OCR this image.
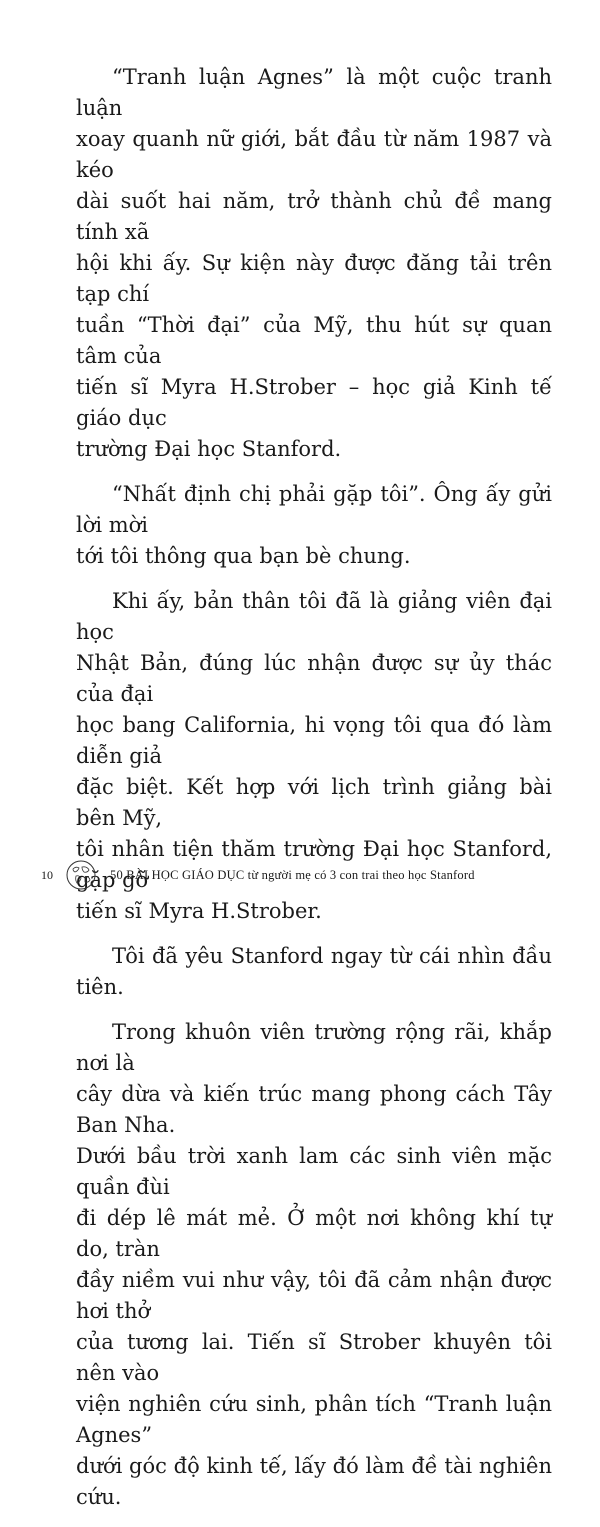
“Tranh luận Agnes” là một cuộc tranh luận
xoay quanh nữ giới, bắt đầu từ năm 1987 và kéo
dài suốt hai năm, trở thành chủ đề mang tính xã
hội khi ấy. Sự kiện này được đăng tải trên tạp chí
tuần “Thời đại” của Mỹ, thu hút sự quan tâm của
tiến sĩ Myra H.Strober – học giả Kinh tế giáo dục
trường Đại học Stanford.

“Nhất định chị phải gặp tôi”. Ông ấy gửi lời mời
tới tôi thông qua bạn bè chung.

Khi ấy, bản thân tôi đã là giảng viên đại học
Nhật Bản, đúng lúc nhận được sự ủy thác của đại
học bang California, hi vọng tôi qua đó làm diễn giả
đặc biệt. Kết hợp với lịch trình giảng bài bên Mỹ,
tôi nhân tiện thăm trường Đại học Stanford, gặp gỡ
tiến sĩ Myra H.Strober.

Tôi đã yêu Stanford ngay từ cái nhìn đầu tiên.

Trong khuôn viên trường rộng rãi, khắp nơi là
cây dừa và kiến trúc mang phong cách Tây Ban Nha.
Dưới bầu trời xanh lam các sinh viên mặc quần đùi
đi dép lê mát mẻ. Ở một nơi không khí tự do, tràn
đầy niềm vui như vậy, tôi đã cảm nhận được hơi thở
của tương lai. Tiến sĩ Strober khuyên tôi nên vào
viện nghiên cứu sinh, phân tích “Tranh luận Agnes”
dưới góc độ kinh tế, lấy đó làm đề tài nghiên cứu.

10	50 BÀI HỌC GIÁO DỤC từ người mẹ có 3 con trai theo học Stanford
